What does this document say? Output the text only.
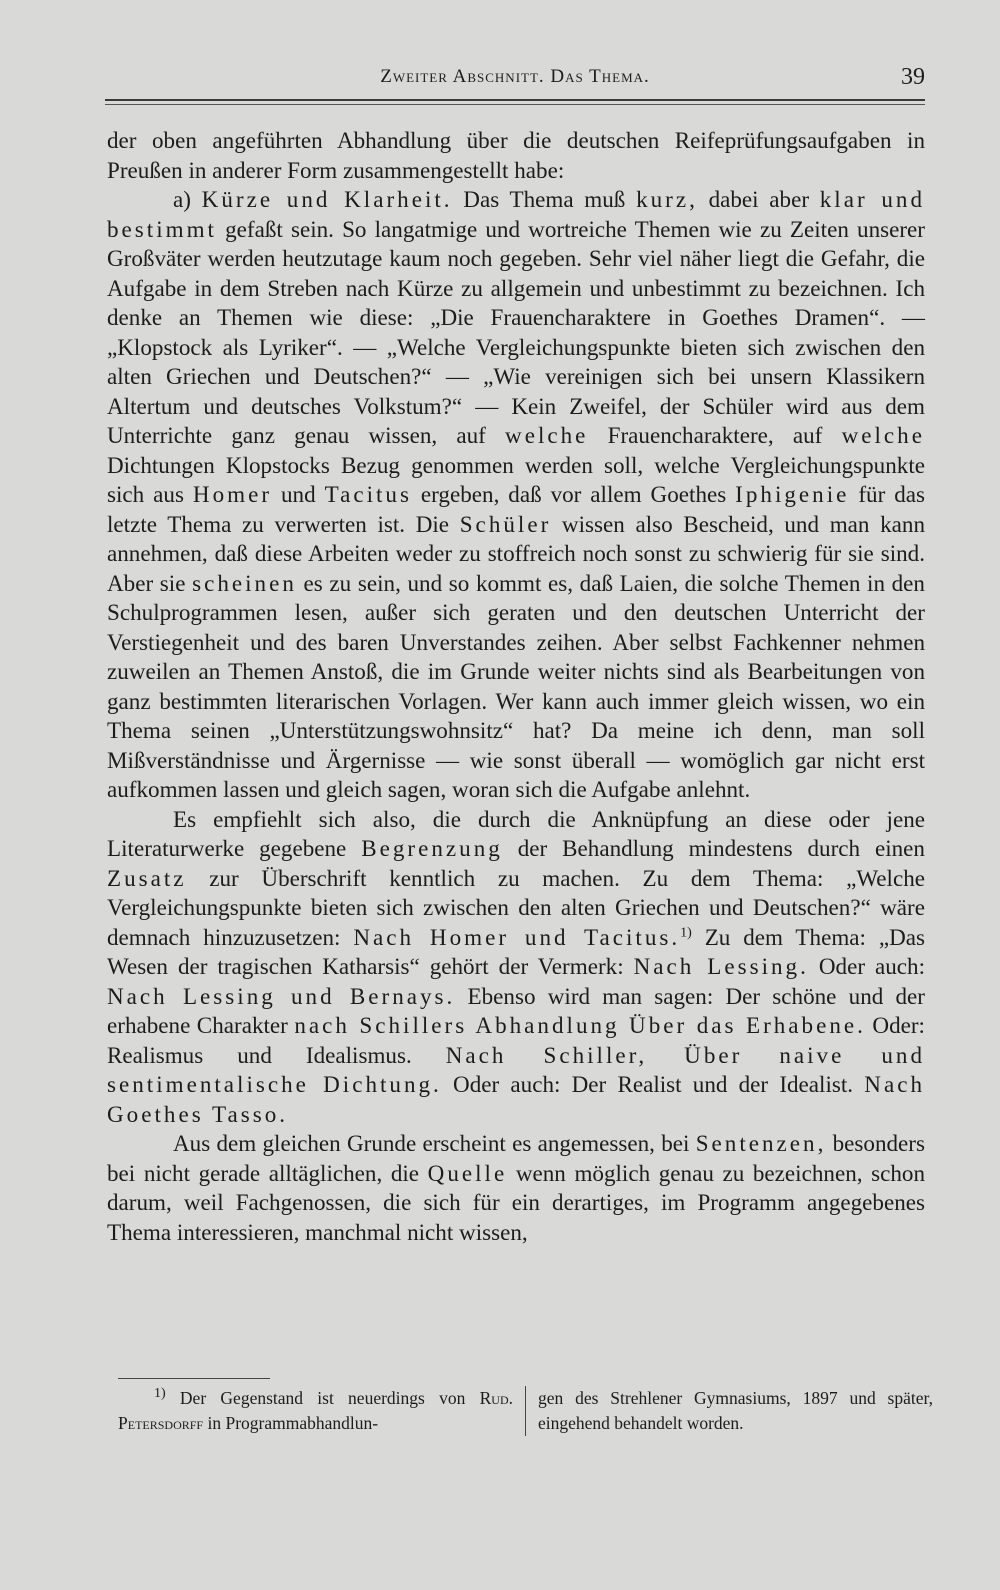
Zweiter Abschnitt. Das Thema.	39

der oben angeführten Abhandlung über die deutschen Reifeprüfungsaufgaben in Preußen in anderer Form zusammengestellt habe:

a) Kürze und Klarheit. Das Thema muß kurz, dabei aber klar und bestimmt gefaßt sein. So langatmige und wortreiche Themen wie zu Zeiten unserer Großväter werden heutzutage kaum noch gegeben. Sehr viel näher liegt die Gefahr, die Aufgabe in dem Streben nach Kürze zu allgemein und unbestimmt zu bezeichnen. Ich denke an Themen wie diese: „Die Frauencharaktere in Goethes Dramen“. — „Klopstock als Lyriker“. — „Welche Vergleichungspunkte bieten sich zwischen den alten Griechen und Deutschen?“ — „Wie vereinigen sich bei unsern Klassikern Altertum und deutsches Volkstum?“ — Kein Zweifel, der Schüler wird aus dem Unterrichte ganz genau wissen, auf welche Frauencharaktere, auf welche Dichtungen Klopstocks Bezug genommen werden soll, welche Vergleichungspunkte sich aus Homer und Tacitus ergeben, daß vor allem Goethes Iphigenie für das letzte Thema zu verwerten ist. Die Schüler wissen also Bescheid, und man kann annehmen, daß diese Arbeiten weder zu stoffreich noch sonst zu schwierig für sie sind. Aber sie scheinen es zu sein, und so kommt es, daß Laien, die solche Themen in den Schulprogrammen lesen, außer sich geraten und den deutschen Unterricht der Verstiegenheit und des baren Unverstandes zeihen. Aber selbst Fachkenner nehmen zuweilen an Themen Anstoß, die im Grunde weiter nichts sind als Bearbeitungen von ganz bestimmten literarischen Vorlagen. Wer kann auch immer gleich wissen, wo ein Thema seinen „Unterstützungswohnsitz“ hat? Da meine ich denn, man soll Mißverständnisse und Ärgernisse — wie sonst überall — womöglich gar nicht erst aufkommen lassen und gleich sagen, woran sich die Aufgabe anlehnt.

Es empfiehlt sich also, die durch die Anknüpfung an diese oder jene Literaturwerke gegebene Begrenzung der Behandlung mindestens durch einen Zusatz zur Überschrift kenntlich zu machen. Zu dem Thema: „Welche Vergleichungspunkte bieten sich zwischen den alten Griechen und Deutschen?“ wäre demnach hinzuzusetzen: Nach Homer und Tacitus.$^{1)}$ Zu dem Thema: „Das Wesen der tragischen Katharsis“ gehört der Vermerk: Nach Lessing. Oder auch: Nach Lessing und Bernays. Ebenso wird man sagen: Der schöne und der erhabene Charakter nach Schillers Abhandlung Über das Erhabene. Oder: Realismus und Idealismus. Nach Schiller, Über naive und sentimentalische Dichtung. Oder auch: Der Realist und der Idealist. Nach Goethes Tasso.

Aus dem gleichen Grunde erscheint es angemessen, bei Sentenzen, besonders bei nicht gerade alltäglichen, die Quelle wenn möglich genau zu bezeichnen, schon darum, weil Fachgenossen, die sich für ein derartiges, im Programm angegebenes Thema interessieren, manchmal nicht wissen,

$^{1)}$ Der Gegenstand ist neuerdings von Rud. Petersdorff in Programmabhandlun-
gen des Strehlener Gymnasiums, 1897 und später, eingehend behandelt worden.
